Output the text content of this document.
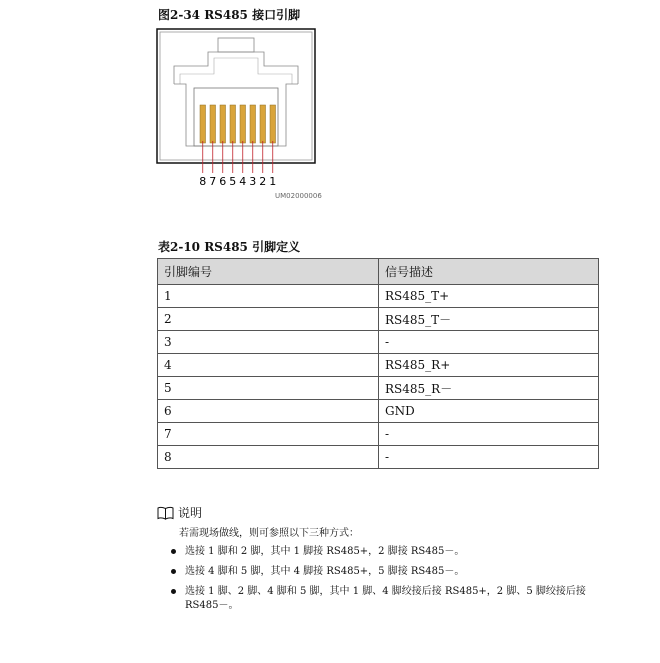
图2-34 RS485 接口引脚
8 7 6 5 4 3 2 1
UM02000006
表2-10 RS485 引脚定义
引脚编号	信号描述
1	RS485_T+
2	RS485_T－
3	-
4	RS485_R+
5	RS485_R－
6	GND
7	-
8	-
说明
若需现场做线，则可参照以下三种方式：
选接 1 脚和 2 脚，其中 1 脚接 RS485+，2 脚接 RS485－。
选接 4 脚和 5 脚，其中 4 脚接 RS485+，5 脚接 RS485－。
选接 1 脚、2 脚、4 脚和 5 脚，其中 1 脚、4 脚绞接后接 RS485+，2 脚、5 脚绞接后接 RS485－。
